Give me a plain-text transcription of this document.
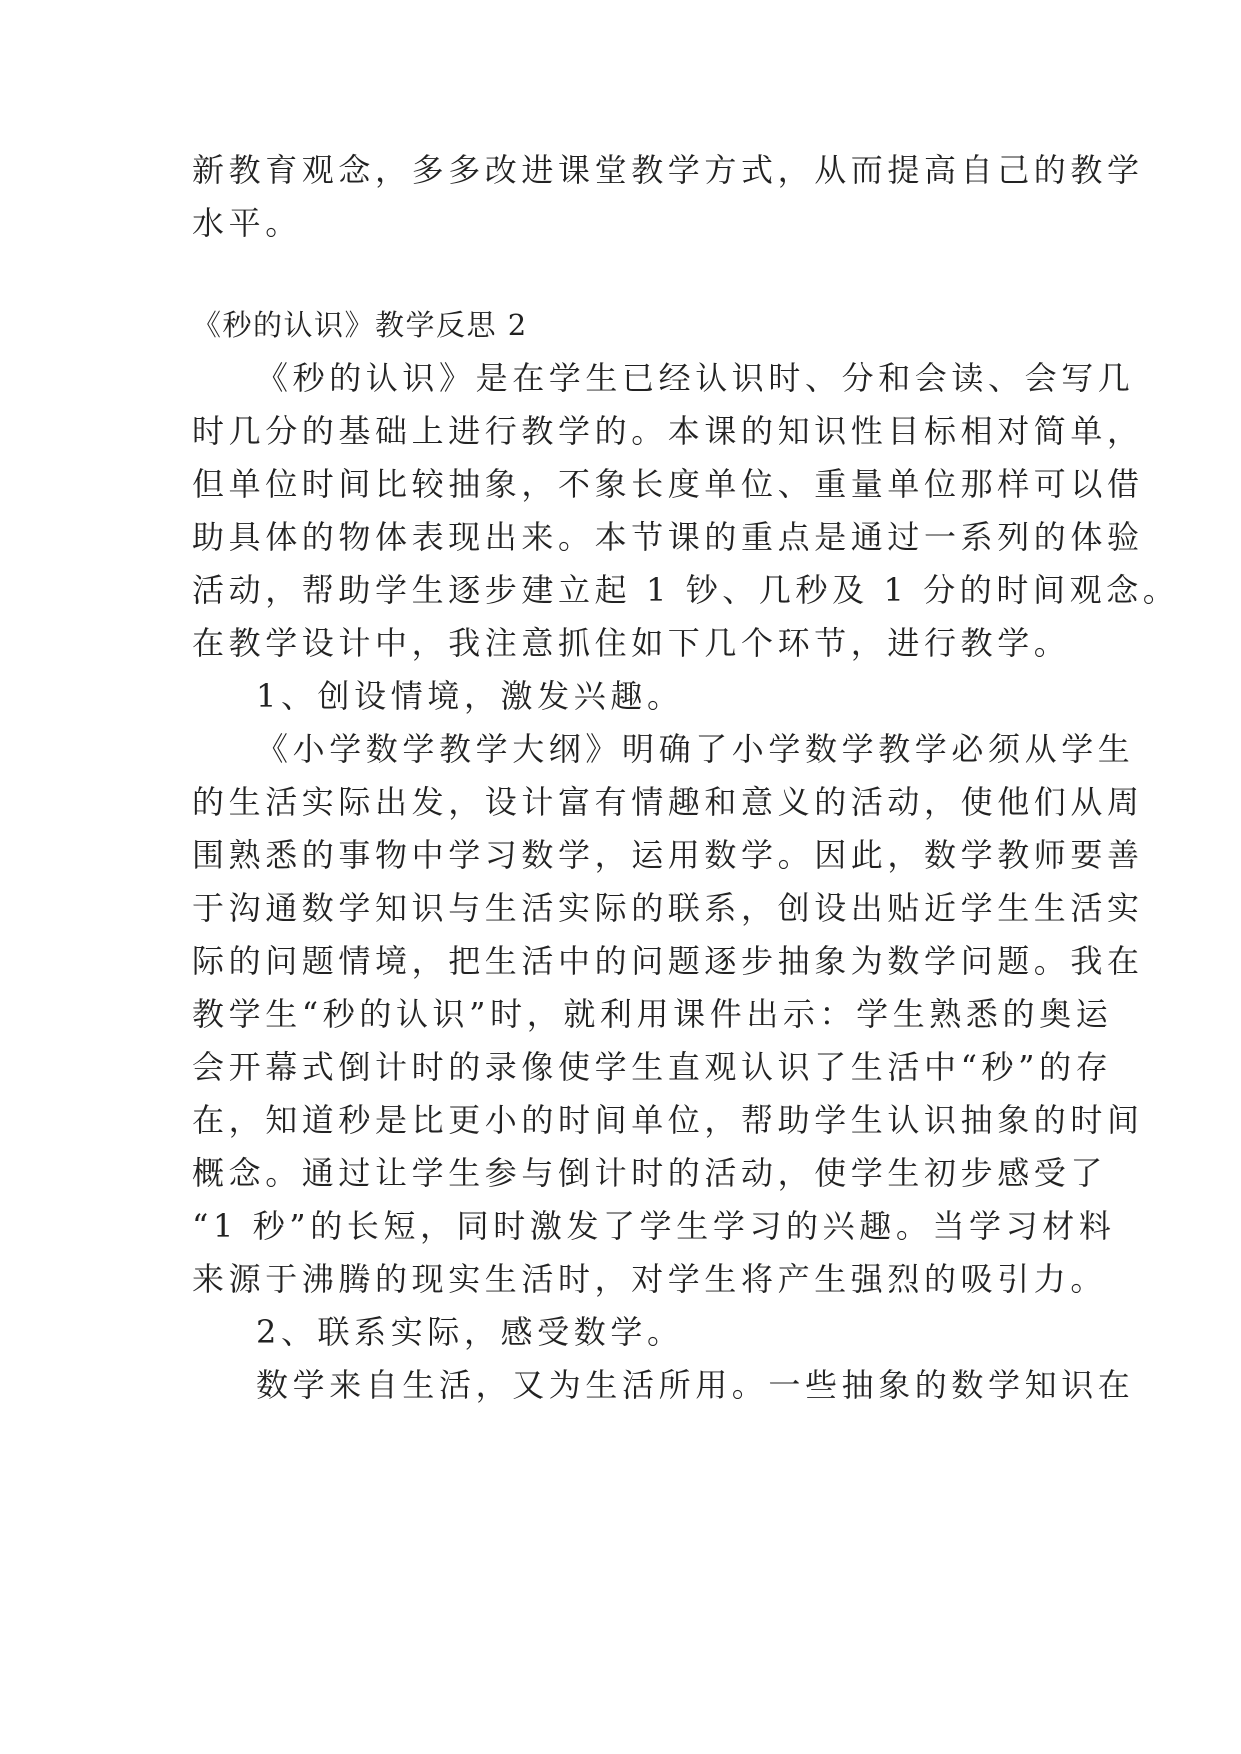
新教育观念，多多改进课堂教学方式，从而提高自己的教学
水平。
《秒的认识》教学反思 2
《秒的认识》是在学生已经认识时、分和会读、会写几
时几分的基础上进行教学的。本课的知识性目标相对简单，
但单位时间比较抽象，不象长度单位、重量单位那样可以借
助具体的物体表现出来。本节课的重点是通过一系列的体验
活动，帮助学生逐步建立起 1 钞、几秒及 1 分的时间观念。
在教学设计中，我注意抓住如下几个环节，进行教学。
1、创设情境，激发兴趣。
《小学数学教学大纲》明确了小学数学教学必须从学生
的生活实际出发，设计富有情趣和意义的活动，使他们从周
围熟悉的事物中学习数学，运用数学。因此，数学教师要善
于沟通数学知识与生活实际的联系，创设出贴近学生生活实
际的问题情境，把生活中的问题逐步抽象为数学问题。我在
教学生“秒的认识”时，就利用课件出示：学生熟悉的奥运
会开幕式倒计时的录像使学生直观认识了生活中“秒”的存
在，知道秒是比更小的时间单位，帮助学生认识抽象的时间
概念。通过让学生参与倒计时的活动，使学生初步感受了
“1 秒”的长短，同时激发了学生学习的兴趣。当学习材料
来源于沸腾的现实生活时，对学生将产生强烈的吸引力。
2、联系实际，感受数学。
数学来自生活，又为生活所用。一些抽象的数学知识在
